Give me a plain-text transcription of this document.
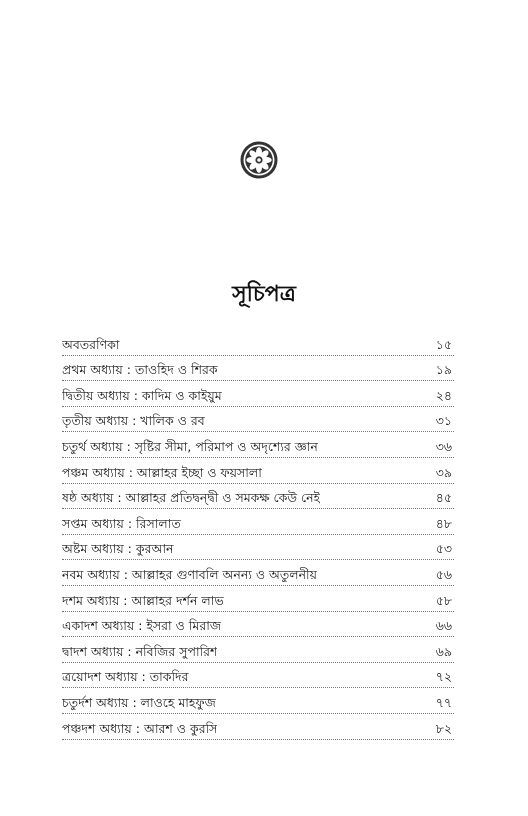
সূচিপত্র
অবতরণিকা	১৫
প্রথম অধ্যায় : তাওহিদ ও শিরক	১৯
দ্বিতীয় অধ্যায় : কাদিম ও কাইয়ুম	২৪
তৃতীয় অধ্যায় : খালিক ও রব	৩১
চতুর্থ অধ্যায় : সৃষ্টির সীমা, পরিমাপ ও অদৃশ্যের জ্ঞান	৩৬
পঞ্চম অধ্যায় : আল্লাহর ইচ্ছা ও ফয়সালা	৩৯
ষষ্ঠ অধ্যায় : আল্লাহর প্রতিদ্বন্দ্বী ও সমকক্ষ কেউ নেই	৪৫
সপ্তম অধ্যায় : রিসালাত	৪৮
অষ্টম অধ্যায় : কুরআন	৫৩
নবম অধ্যায় : আল্লাহর গুণাবলি অনন্য ও অতুলনীয়	৫৬
দশম অধ্যায় : আল্লাহর দর্শন লাভ	৫৮
একাদশ অধ্যায় : ইসরা ও মিরাজ	৬৬
দ্বাদশ অধ্যায় : নবিজির সুপারিশ	৬৯
ত্রয়োদশ অধ্যায় : তাকদির	৭২
চতুর্দশ অধ্যায় : লাওহে মাহফুজ	৭৭
পঞ্চদশ অধ্যায় : আরশ ও কুরসি	৮২
